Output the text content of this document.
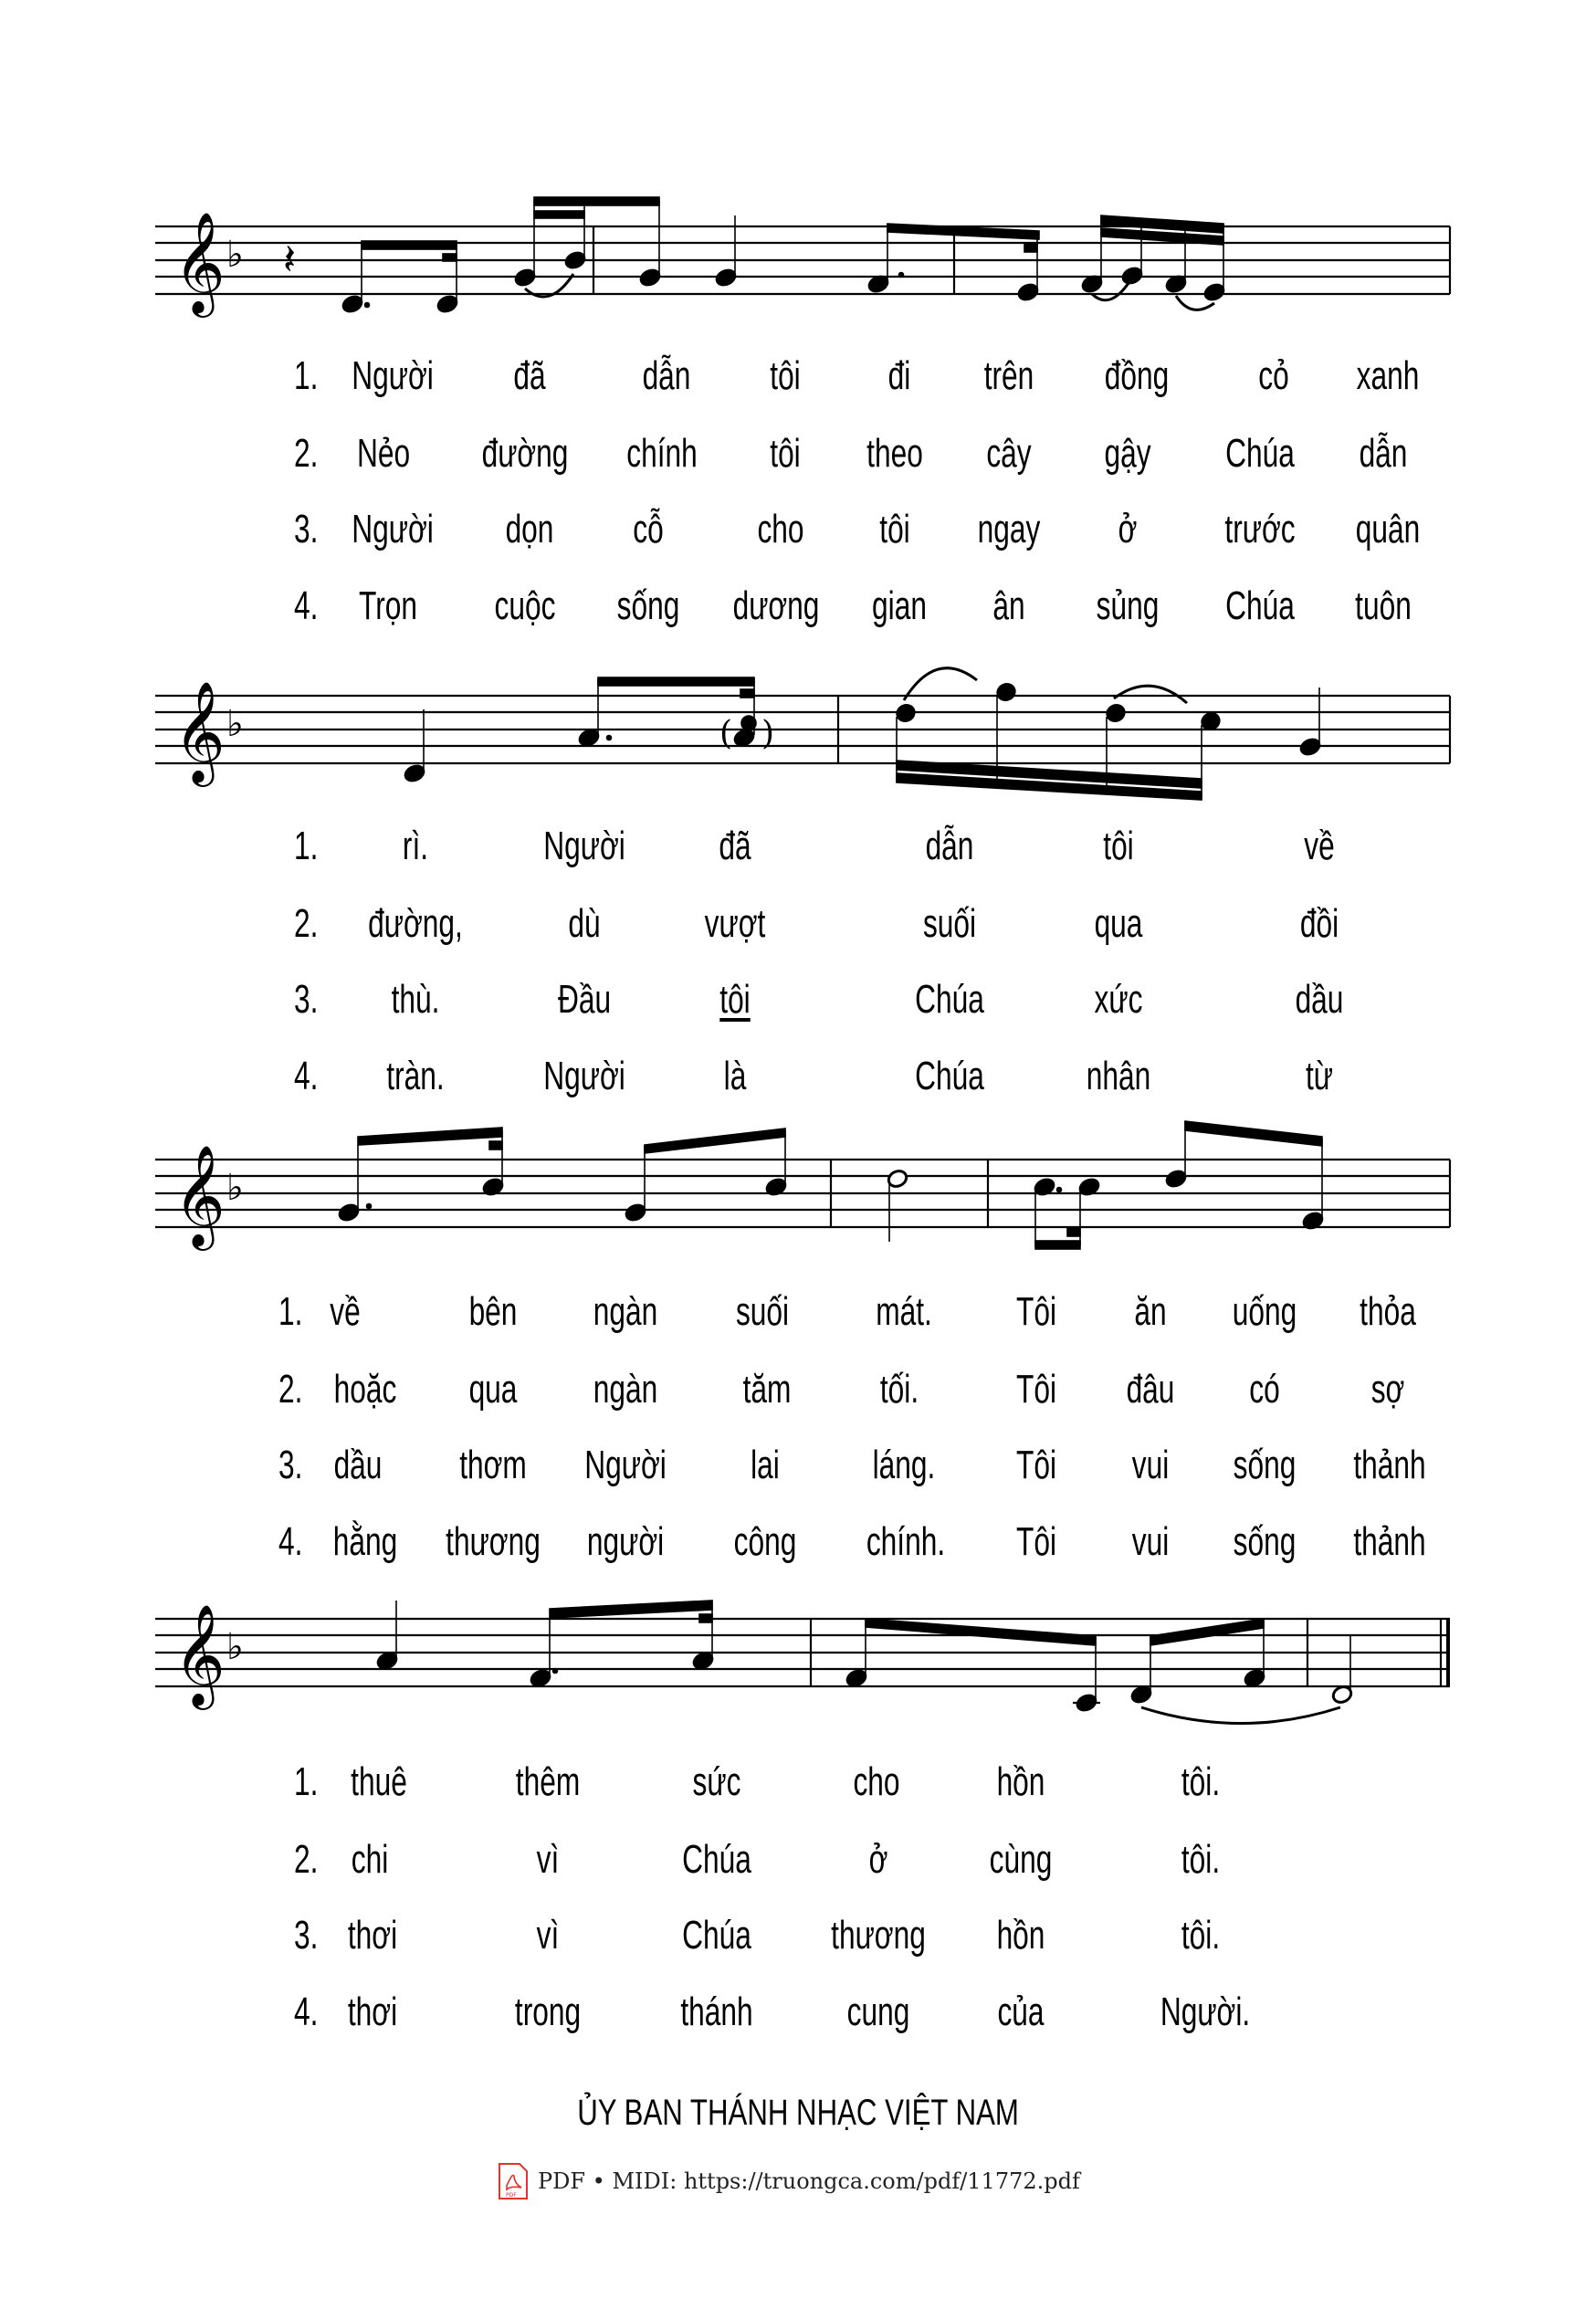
𝄞 ♭ 𝄽
𝄞 ♭	( )
𝄞 ♭
𝄞 ♭
1. Người đã dẫn tôi đi trên đồng cỏ xanh
2. Nẻo đường chính tôi theo cây gậy Chúa dẫn
3. Người dọn cỗ cho tôi ngay ở trước quân
4. Trọn cuộc sống dương gian ân sủng Chúa tuôn
1. rì.	Người đã	dẫn	tôi	về
2. đường,	dù	vượt	suối	qua	đồi
3. thù.	Đầu	tôi	Chúa	xức	dầu
4. tràn. Người là	Chúa	nhân	từ
1. về	bên ngàn suối mát. Tôi ăn uống thỏa
2. hoặc qua ngàn tăm tối. Tôi đâu có sợ
3. dầu thơm Người lai láng. Tôi vui sống thảnh
4. hằng thương người công chính. Tôi vui sống thảnh
1. thuê	thêm	sức	cho hồn	tôi.
2. chi	vì	Chúa	ở	cùng	tôi.
3. thơi	vì	Chúa thương hồn	tôi.
4. thơi	trong thánh cung của	Người.
ỦY BAN THÁNH NHẠC VIỆT NAM
PDF
PDF • MIDI: https://truongca.com/pdf/11772.pdf
